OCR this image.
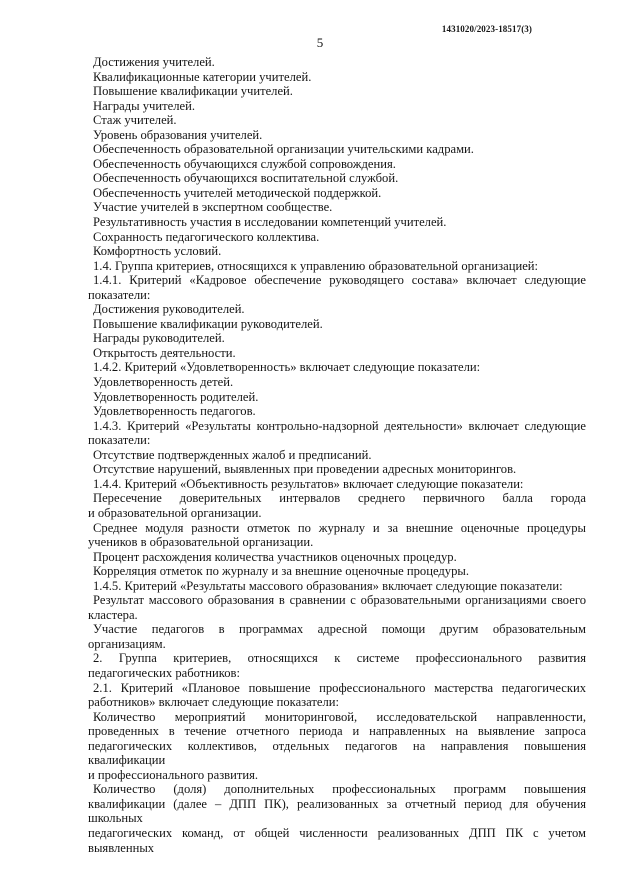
1431020/2023-18517(3)
5
Достижения учителей.
Квалификационные категории учителей.
Повышение квалификации учителей.
Награды учителей.
Стаж учителей.
Уровень образования учителей.
Обеспеченность образовательной организации учительскими кадрами.
Обеспеченность обучающихся службой сопровождения.
Обеспеченность обучающихся воспитательной службой.
Обеспеченность учителей методической поддержкой.
Участие учителей в экспертном сообществе.
Результативность участия в исследовании компетенций учителей.
Сохранность педагогического коллектива.
Комфортность условий.
1.4. Группа критериев, относящихся к управлению образовательной организацией:
1.4.1. Критерий «Кадровое обеспечение руководящего состава» включает следующие
показатели:
Достижения руководителей.
Повышение квалификации руководителей.
Награды руководителей.
Открытость деятельности.
1.4.2. Критерий «Удовлетворенность» включает следующие показатели:
Удовлетворенность детей.
Удовлетворенность родителей.
Удовлетворенность педагогов.
1.4.3. Критерий «Результаты контрольно-надзорной деятельности» включает следующие
показатели:
Отсутствие подтвержденных жалоб и предписаний.
Отсутствие нарушений, выявленных при проведении адресных мониторингов.
1.4.4. Критерий «Объективность результатов» включает следующие показатели:
Пересечение доверительных интервалов среднего первичного балла города
и образовательной организации.
Среднее модуля разности отметок по журналу и за внешние оценочные процедуры
учеников в образовательной организации.
Процент расхождения количества участников оценочных процедур.
Корреляция отметок по журналу и за внешние оценочные процедуры.
1.4.5. Критерий «Результаты массового образования» включает следующие показатели:
Результат массового образования в сравнении с образовательными организациями своего
кластера.
Участие педагогов в программах адресной помощи другим образовательным
организациям.
2. Группа критериев, относящихся к системе профессионального развития
педагогических работников:
2.1. Критерий «Плановое повышение профессионального мастерства педагогических
работников» включает следующие показатели:
Количество мероприятий мониторинговой, исследовательской направленности,
проведенных в течение отчетного периода и направленных на выявление запроса
педагогических коллективов, отдельных педагогов на направления повышения квалификации
и профессионального развития.
Количество (доля) дополнительных профессиональных программ повышения
квалификации (далее – ДПП ПК), реализованных за отчетный период для обучения школьных
педагогических команд, от общей численности реализованных ДПП ПК с учетом выявленных
